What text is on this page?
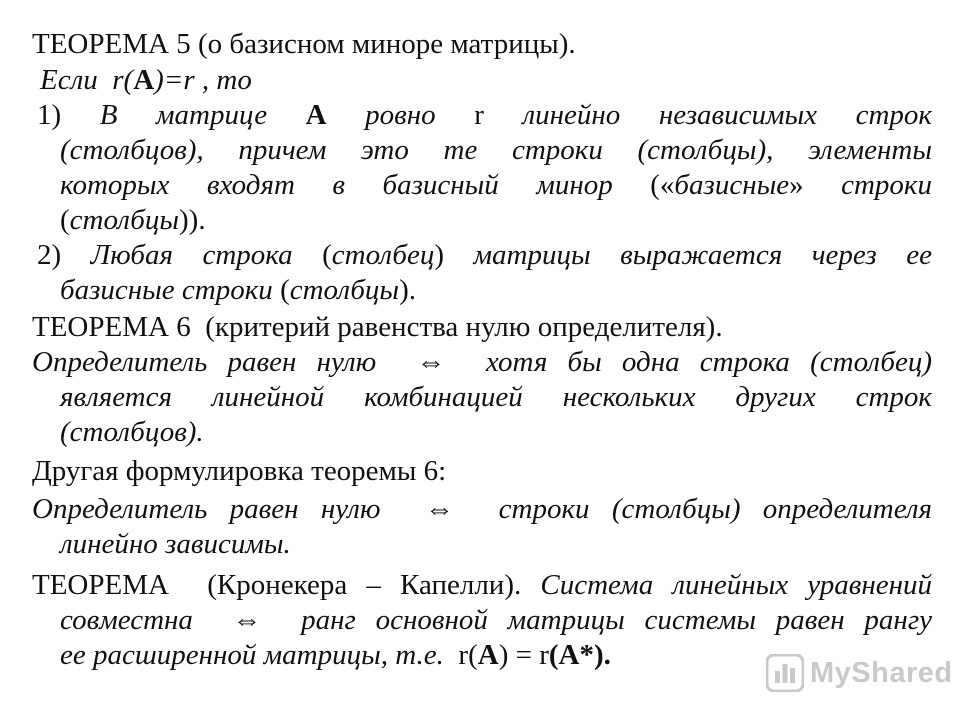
ТЕОРЕМА 5 (о базисном миноре матрицы).
Если  r(A)=r , то
1) В матрице А ровно r линейно независимых строк
(столбцов), причем это те строки (столбцы), элементы
которых входят в базисный минор («базисные» строки
(столбцы)).
2) Любая строка (столбец) матрицы выражается через ее
базисные строки (столбцы).
ТЕОРЕМА 6  (критерий равенства нулю определителя).
Определитель равен нулю  ⇔  хотя бы одна строка (столбец)
является линейной комбинацией нескольких других строк
(столбцов).
Другая формулировка теоремы 6:
Определитель равен нулю  ⇔  строки (столбцы) определителя
линейно зависимы.
ТЕОРЕМА  (Кронекера – Капелли). Система линейных уравнений
совместна  ⇔  ранг основной матрицы системы равен рангу
ее расширенной матрицы, т.е.  r(A) = r(A*).
MyShared
